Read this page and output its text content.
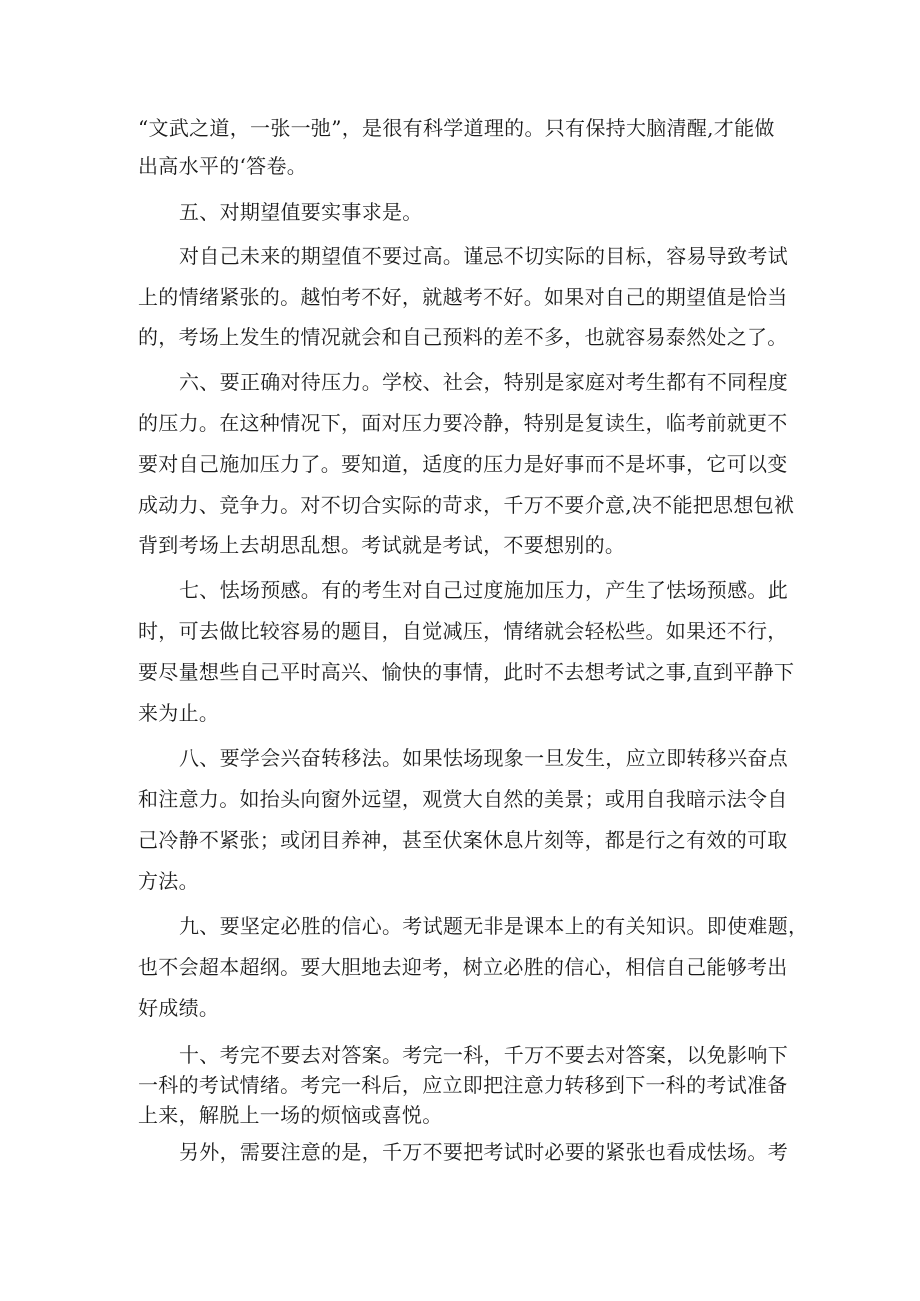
“文武之道，一张一弛”，是很有科学道理的。只有保持大脑清醒,才能做

出高水平的‘答卷。

五、对期望值要实事求是。

对自己未来的期望值不要过高。谨忌不切实际的目标，容易导致考试

上的情绪紧张的。越怕考不好，就越考不好。如果对自己的期望值是恰当

的，考场上发生的情况就会和自己预料的差不多，也就容易泰然处之了。

六、要正确对待压力。学校、社会，特别是家庭对考生都有不同程度

的压力。在这种情况下，面对压力要冷静，特别是复读生，临考前就更不

要对自己施加压力了。要知道，适度的压力是好事而不是坏事，它可以变

成动力、竞争力。对不切合实际的苛求，千万不要介意,决不能把思想包袱

背到考场上去胡思乱想。考试就是考试，不要想别的。

七、怯场预感。有的考生对自己过度施加压力，产生了怯场预感。此

时，可去做比较容易的题目，自觉减压，情绪就会轻松些。如果还不行，

要尽量想些自己平时高兴、愉快的事情，此时不去想考试之事,直到平静下

来为止。

八、要学会兴奋转移法。如果怯场现象一旦发生，应立即转移兴奋点

和注意力。如抬头向窗外远望，观赏大自然的美景；或用自我暗示法令自

己冷静不紧张；或闭目养神，甚至伏案休息片刻等，都是行之有效的可取

方法。

九、要坚定必胜的信心。考试题无非是课本上的有关知识。即使难题，

也不会超本超纲。要大胆地去迎考，树立必胜的信心，相信自己能够考出

好成绩。

十、考完不要去对答案。考完一科，千万不要去对答案，以免影响下

一科的考试情绪。考完一科后，应立即把注意力转移到下一科的考试准备

上来，解脱上一场的烦恼或喜悦。

另外，需要注意的是，千万不要把考试时必要的紧张也看成怯场。考
